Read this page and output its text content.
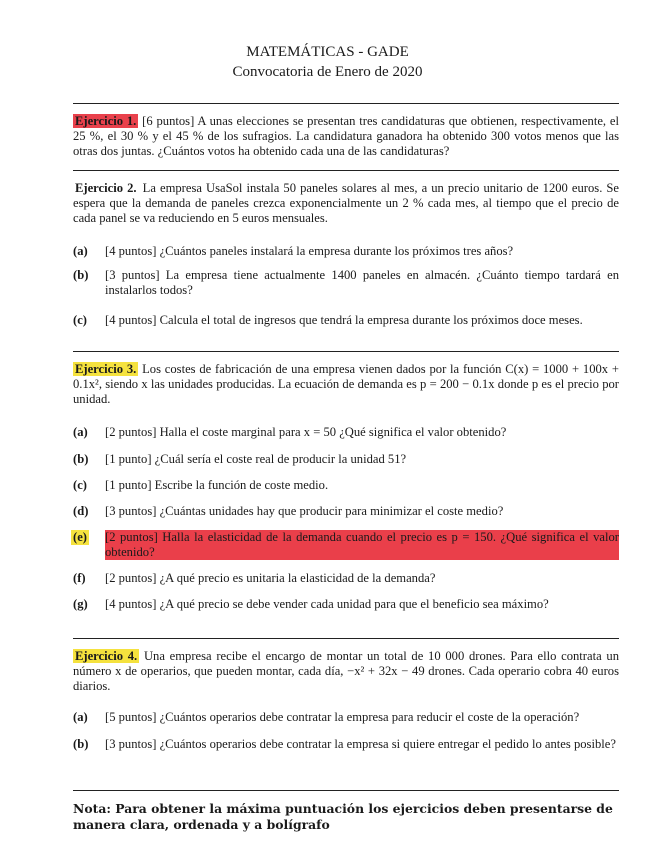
MATEMÁTICAS - GADE
Convocatoria de Enero de 2020
Ejercicio 1. [6 puntos] A unas elecciones se presentan tres candidaturas que obtienen, respectivamente, el 25 %, el 30 % y el 45 % de los sufragios. La candidatura ganadora ha obtenido 300 votos menos que las otras dos juntas. ¿Cuántos votos ha obtenido cada una de las candidaturas?
Ejercicio 2. La empresa UsaSol instala 50 paneles solares al mes, a un precio unitario de 1200 euros. Se espera que la demanda de paneles crezca exponencialmente un 2 % cada mes, al tiempo que el precio de cada panel se va reduciendo en 5 euros mensuales.
(a) [4 puntos] ¿Cuántos paneles instalará la empresa durante los próximos tres años?
(b) [3 puntos] La empresa tiene actualmente 1400 paneles en almacén. ¿Cuánto tiempo tardará en instalarlos todos?
(c) [4 puntos] Calcula el total de ingresos que tendrá la empresa durante los próximos doce meses.
Ejercicio 3. Los costes de fabricación de una empresa vienen dados por la función C(x) = 1000 + 100x + 0.1x², siendo x las unidades producidas. La ecuación de demanda es p = 200 − 0.1x donde p es el precio por unidad.
(a) [2 puntos] Halla el coste marginal para x = 50 ¿Qué significa el valor obtenido?
(b) [1 punto] ¿Cuál sería el coste real de producir la unidad 51?
(c) [1 punto] Escribe la función de coste medio.
(d) [3 puntos] ¿Cuántas unidades hay que producir para minimizar el coste medio?
(e) [2 puntos] Halla la elasticidad de la demanda cuando el precio es p = 150. ¿Qué significa el valor obtenido?
(f) [2 puntos] ¿A qué precio es unitaria la elasticidad de la demanda?
(g) [4 puntos] ¿A qué precio se debe vender cada unidad para que el beneficio sea máximo?
Ejercicio 4. Una empresa recibe el encargo de montar un total de 10 000 drones. Para ello contrata un número x de operarios, que pueden montar, cada día, −x² + 32x − 49 drones. Cada operario cobra 40 euros diarios.
(a) [5 puntos] ¿Cuántos operarios debe contratar la empresa para reducir el coste de la operación?
(b) [3 puntos] ¿Cuántos operarios debe contratar la empresa si quiere entregar el pedido lo antes posible?
Nota: Para obtener la máxima puntuación los ejercicios deben presentarse de manera clara, ordenada y a bolígrafo
